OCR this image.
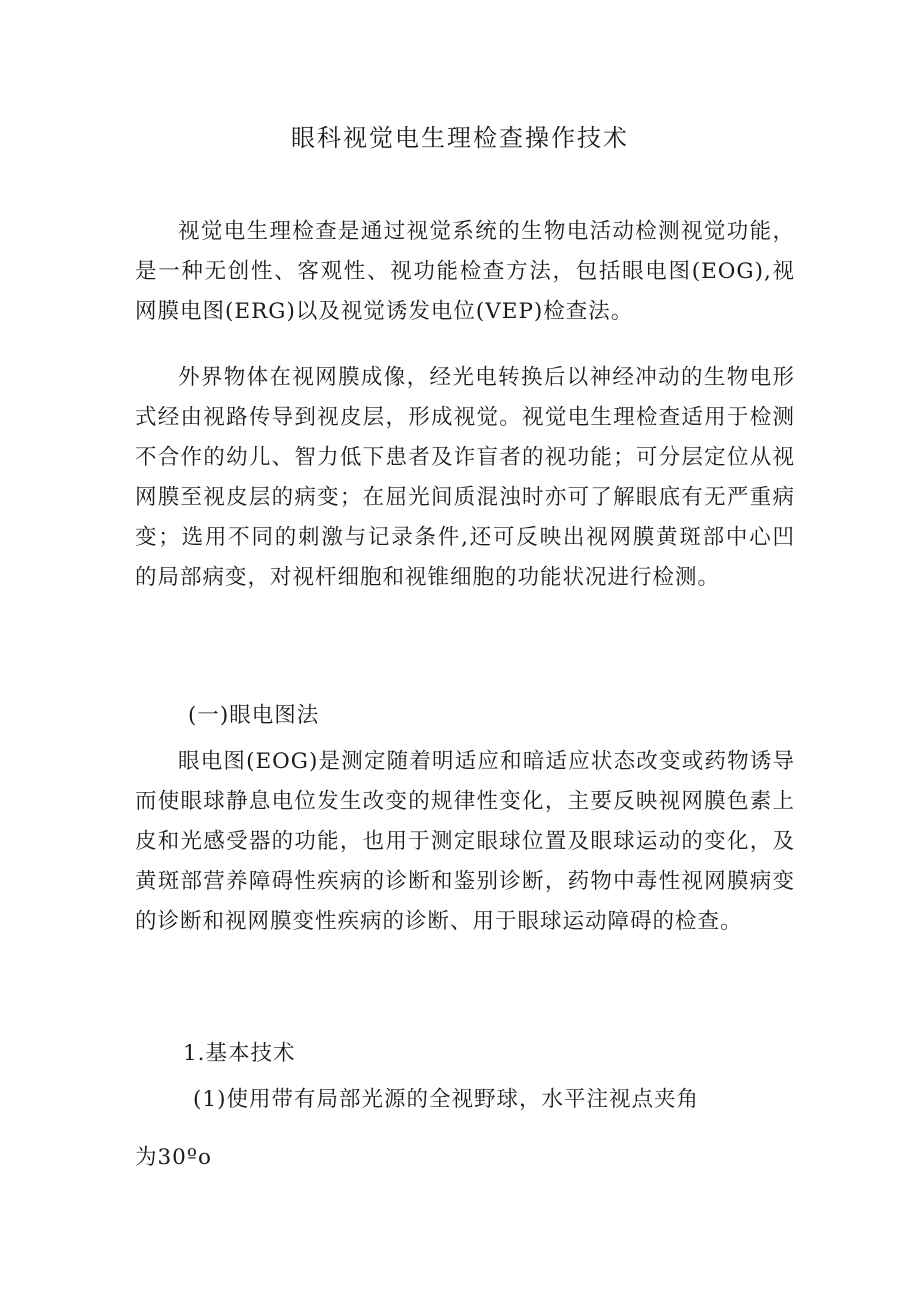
眼科视觉电生理检查操作技术

视觉电生理检查是通过视觉系统的生物电活动检测视觉功能，是一种无创性、客观性、视功能检查方法，包括眼电图(EOG),视网膜电图(ERG)以及视觉诱发电位(VEP)检查法。

外界物体在视网膜成像，经光电转换后以神经冲动的生物电形式经由视路传导到视皮层，形成视觉。视觉电生理检查适用于检测不合作的幼儿、智力低下患者及诈盲者的视功能；可分层定位从视网膜至视皮层的病变；在屈光间质混浊时亦可了解眼底有无严重病变；选用不同的刺激与记录条件,还可反映出视网膜黄斑部中心凹的局部病变，对视杆细胞和视锥细胞的功能状况进行检测。

(一)眼电图法

眼电图(EOG)是测定随着明适应和暗适应状态改变或药物诱导而使眼球静息电位发生改变的规律性变化，主要反映视网膜色素上皮和光感受器的功能，也用于测定眼球位置及眼球运动的变化，及黄斑部营养障碍性疾病的诊断和鉴别诊断，药物中毒性视网膜病变的诊断和视网膜变性疾病的诊断、用于眼球运动障碍的检查。

1.基本技术

(1)使用带有局部光源的全视野球，水平注视点夹角

为30ºo
